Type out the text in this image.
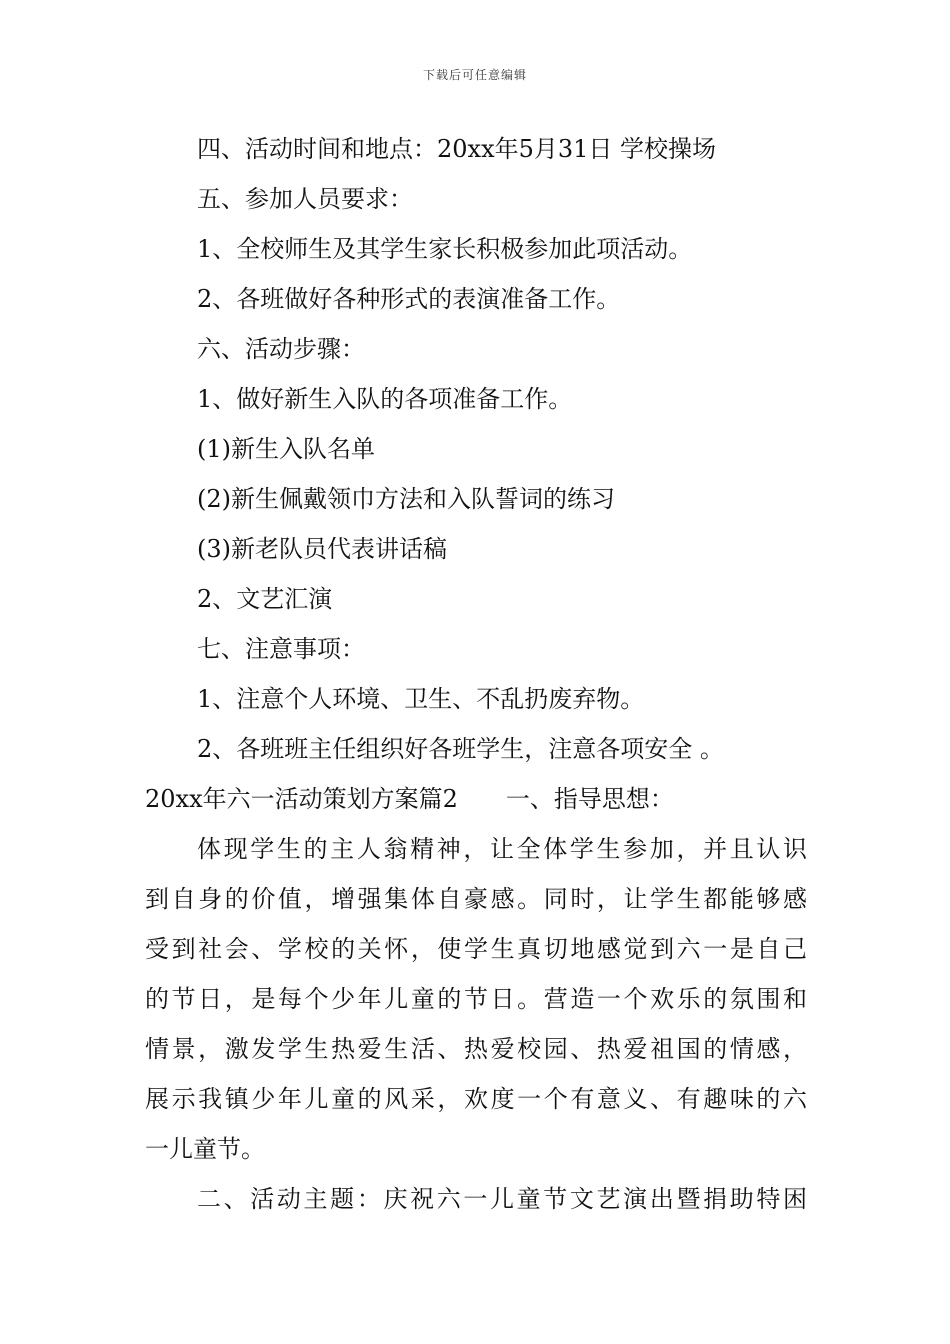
下载后可任意编辑
四、活动时间和地点：20xx年5月31日 学校操场
五、参加人员要求：
1、全校师生及其学生家长积极参加此项活动。
2、各班做好各种形式的表演准备工作。
六、活动步骤：
1、做好新生入队的各项准备工作。
(1)新生入队名单
(2)新生佩戴领巾方法和入队誓词的练习
(3)新老队员代表讲话稿
2、文艺汇演
七、注意事项：
1、注意个人环境、卫生、不乱扔废弃物。
2、各班班主任组织好各班学生，注意各项安全 。
20xx年六一活动策划方案篇2　　一、指导思想：
体现学生的主人翁精神，让全体学生参加，并且认识
到自身的价值，增强集体自豪感。同时，让学生都能够感
受到社会、学校的关怀，使学生真切地感觉到六一是自己
的节日，是每个少年儿童的节日。营造一个欢乐的氛围和
情景，激发学生热爱生活、热爱校园、热爱祖国的情感，
展示我镇少年儿童的风采，欢度一个有意义、有趣味的六
一儿童节。
二、活动主题：庆祝六一儿童节文艺演出暨捐助特困
